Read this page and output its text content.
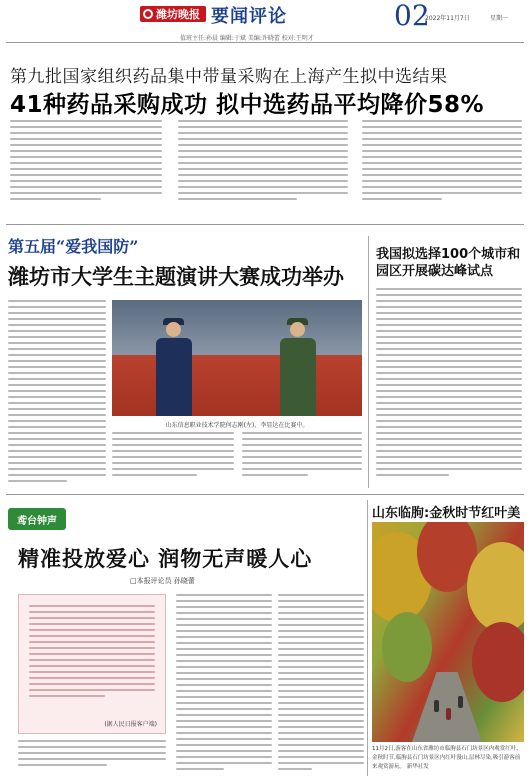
潍坊晚报 要闻评论	02
2022年11月7日	星期一
值班主任:孙晨 编辑:于斌 美编:许晓蕾 校对:王明才
第九批国家组织药品集中带量采购在上海产生拟中选结果
41种药品采购成功 拟中选药品平均降价58%
第五届“爱我国防”
潍坊市大学生主题演讲大赛成功举办
山东信息职业技术学院何志刚(左)、李显达在比赛中。
我国拟选择100个城市和园区开展碳达峰试点
鸢台钟声
精准投放爱心 润物无声暖人心
□本报评论员 孙晓蕾
(据人民日报客户端)
山东临朐:金秋时节红叶美
11月2日,游客在山东省潍坊市临朐县石门坊景区内观赏红叶、金秋时节,临朐县石门坊景区内红叶漫山,层林尽染,吸引游客前来观赏游玩。 新华社发
